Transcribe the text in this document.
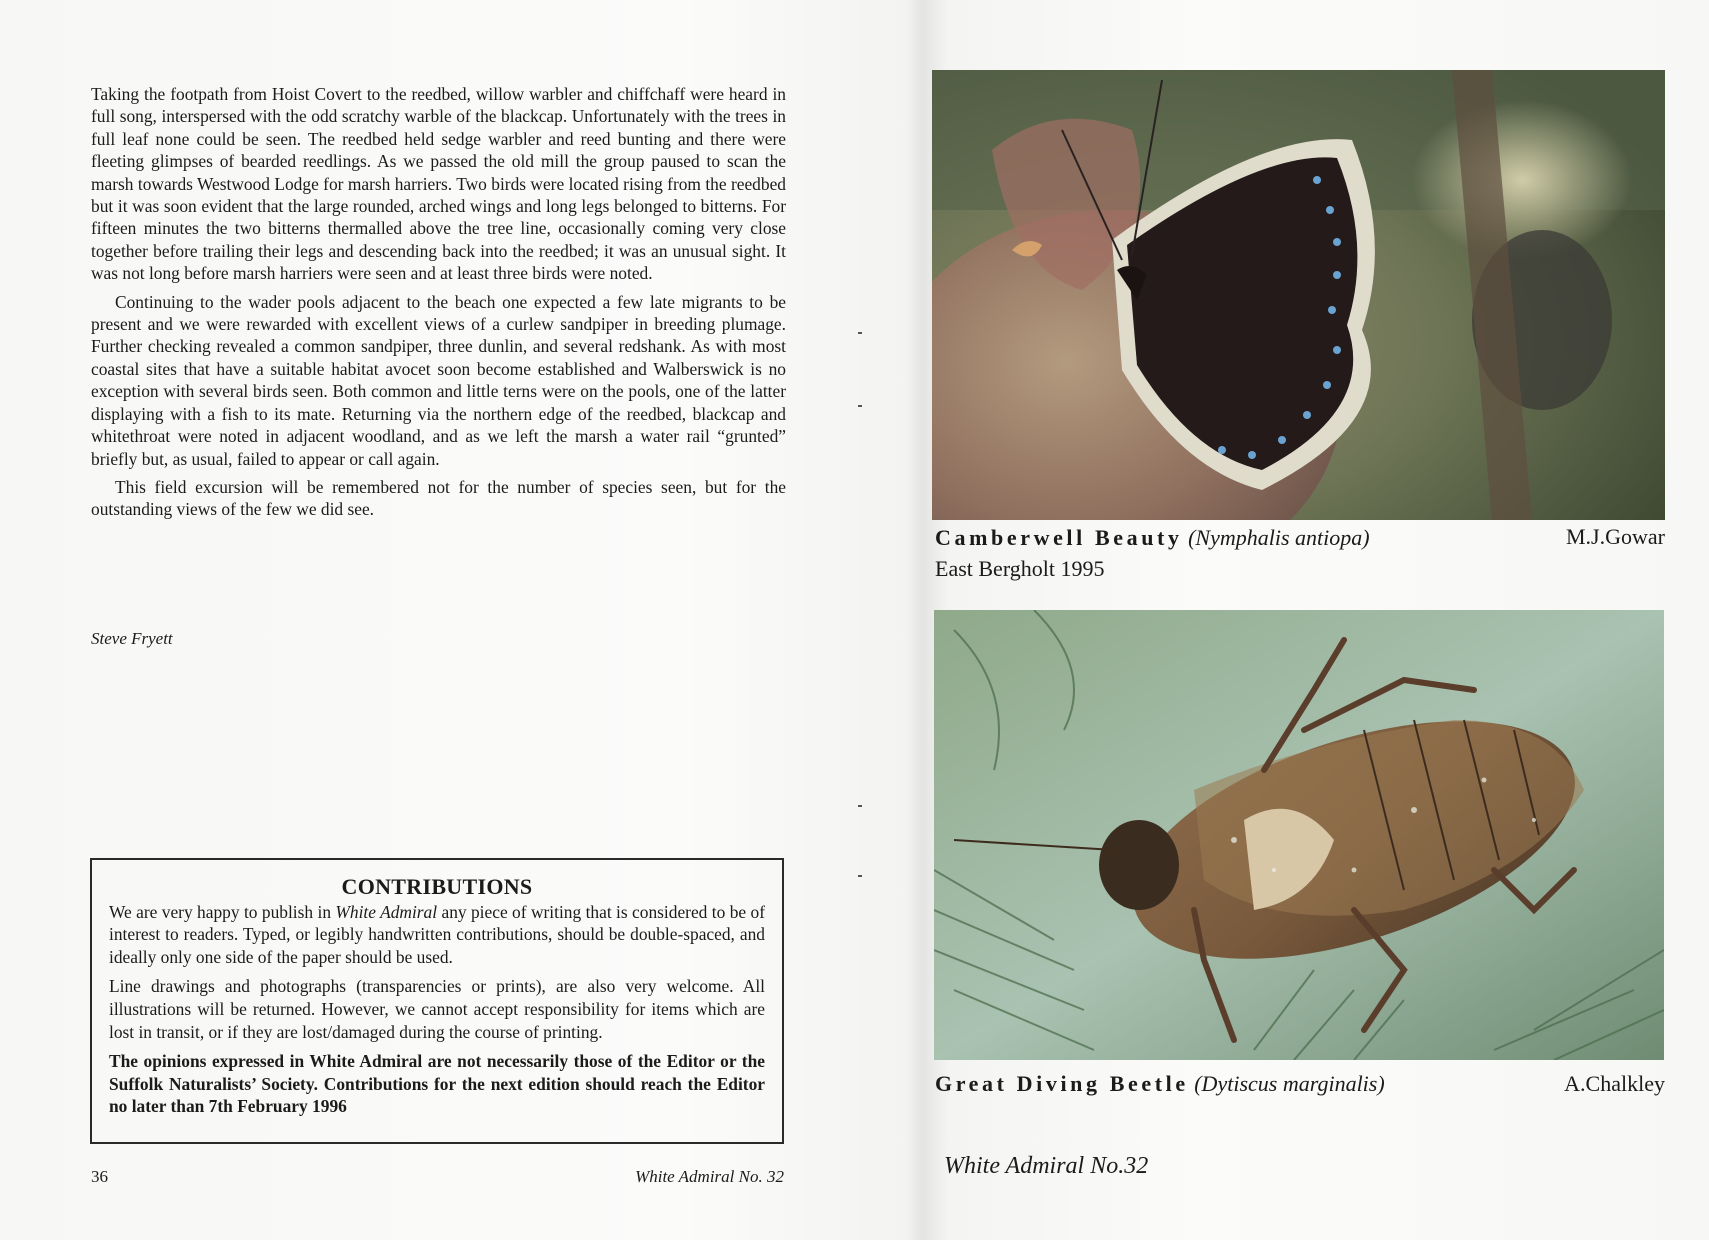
Taking the footpath from Hoist Covert to the reedbed, willow warbler and chiffchaff were heard in full song, interspersed with the odd scratchy warble of the blackcap. Unfortunately with the trees in full leaf none could be seen. The reedbed held sedge warbler and reed bunting and there were fleeting glimpses of bearded reedlings. As we passed the old mill the group paused to scan the marsh towards Westwood Lodge for marsh harriers. Two birds were located rising from the reedbed but it was soon evident that the large rounded, arched wings and long legs belonged to bitterns. For fifteen minutes the two bitterns thermalled above the tree line, occasionally coming very close together before trailing their legs and descending back into the reedbed; it was an unusual sight. It was not long before marsh harriers were seen and at least three birds were noted.

Continuing to the wader pools adjacent to the beach one expected a few late migrants to be present and we were rewarded with excellent views of a curlew sandpiper in breeding plumage. Further checking revealed a common sandpiper, three dunlin, and several redshank. As with most coastal sites that have a suitable habitat avocet soon become established and Walberswick is no exception with several birds seen. Both common and little terns were on the pools, one of the latter displaying with a fish to its mate. Returning via the northern edge of the reedbed, blackcap and whitethroat were noted in adjacent woodland, and as we left the marsh a water rail “grunted” briefly but, as usual, failed to appear or call again.

This field excursion will be remembered not for the number of species seen, but for the outstanding views of the few we did see.

Steve Fryett
CONTRIBUTIONS

We are very happy to publish in White Admiral any piece of writing that is considered to be of interest to readers. Typed, or legibly handwritten contributions, should be double-spaced, and ideally only one side of the paper should be used.

Line drawings and photographs (transparencies or prints), are also very welcome. All illustrations will be returned. However, we cannot accept responsibility for items which are lost in transit, or if they are lost/damaged during the course of printing.

The opinions expressed in White Admiral are not necessarily those of the Editor or the Suffolk Naturalists’ Society. Contributions for the next edition should reach the Editor no later than 7th February 1996

36	White Admiral No. 32
Camberwell Beauty (Nymphalis antiopa)	M.J.Gowar
East Bergholt 1995
Great Diving Beetle (Dytiscus marginalis)	A.Chalkley
White Admiral No.32
